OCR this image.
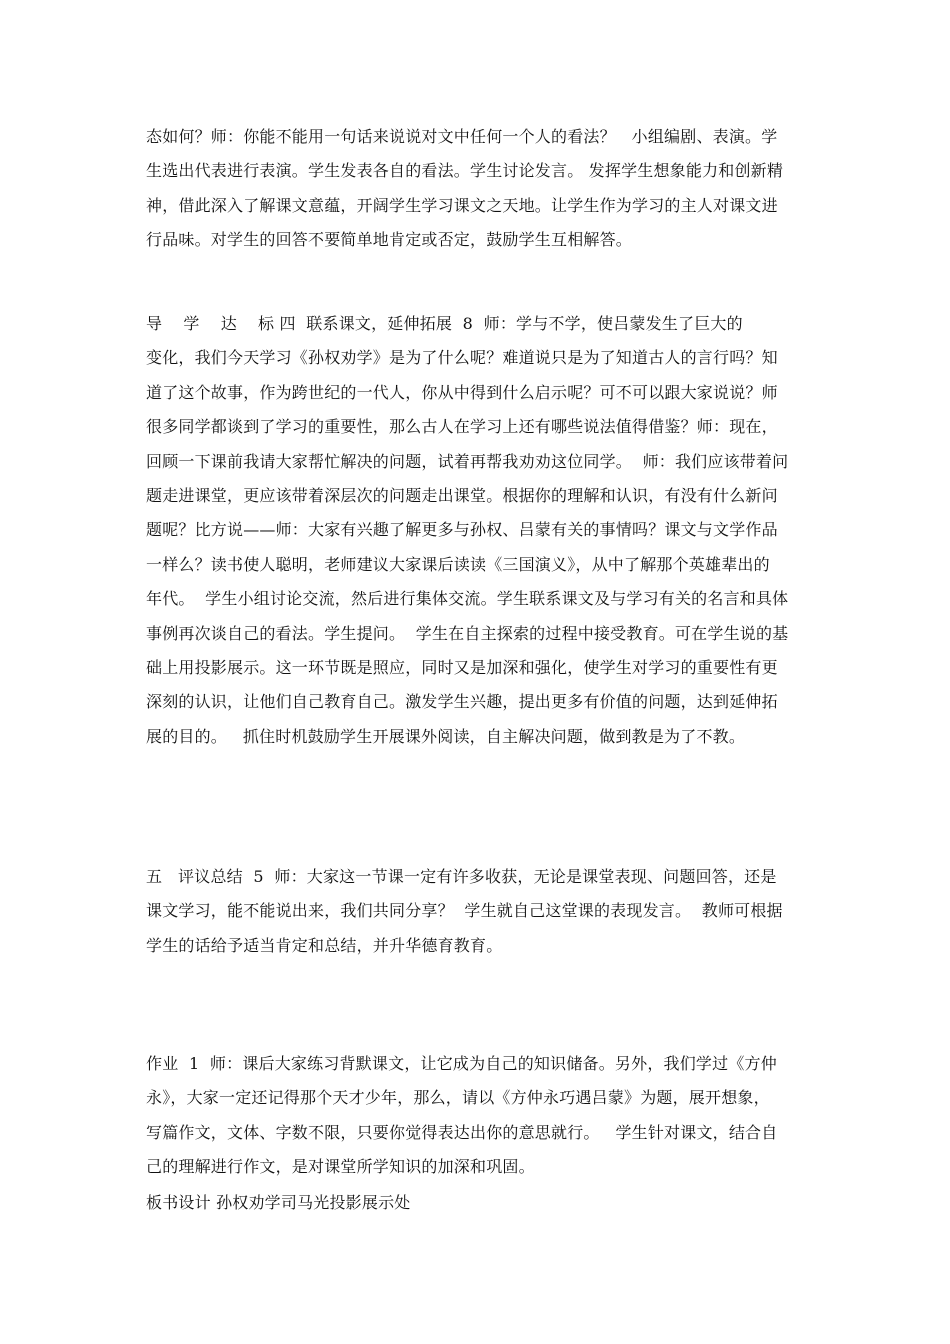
态如何？师：你能不能用一句话来说说对文中任何一个人的看法？   小组编剧、表演。学
生选出代表进行表演。学生发表各自的看法。学生讨论发言。 发挥学生想象能力和创新精
神，借此深入了解课文意蕴，开阔学生学习课文之天地。让学生作为学习的主人对课文进
行品味。对学生的回答不要简单地肯定或否定，鼓励学生互相解答。
导    学    达    标 四  联系课文，延伸拓展  8  师：学与不学，使吕蒙发生了巨大的
变化，我们今天学习《孙权劝学》是为了什么呢？难道说只是为了知道古人的言行吗？知
道了这个故事，作为跨世纪的一代人，你从中得到什么启示呢？可不可以跟大家说说？师
很多同学都谈到了学习的重要性，那么古人在学习上还有哪些说法值得借鉴？师：现在，
回顾一下课前我请大家帮忙解决的问题，试着再帮我劝劝这位同学。  师：我们应该带着问
题走进课堂，更应该带着深层次的问题走出课堂。根据你的理解和认识，有没有什么新问
题呢？比方说——师：大家有兴趣了解更多与孙权、吕蒙有关的事情吗？课文与文学作品
一样么？读书使人聪明，老师建议大家课后读读《三国演义》，从中了解那个英雄辈出的
年代。  学生小组讨论交流，然后进行集体交流。学生联系课文及与学习有关的名言和具体
事例再次谈自己的看法。学生提问。  学生在自主探索的过程中接受教育。可在学生说的基
础上用投影展示。这一环节既是照应，同时又是加深和强化，使学生对学习的重要性有更
深刻的认识，让他们自己教育自己。激发学生兴趣，提出更多有价值的问题，达到延伸拓
展的目的。   抓住时机鼓励学生开展课外阅读，自主解决问题，做到教是为了不教。
五   评议总结  5  师：大家这一节课一定有许多收获，无论是课堂表现、问题回答，还是
课文学习，能不能说出来，我们共同分享？  学生就自己这堂课的表现发言。  教师可根据
学生的话给予适当肯定和总结，并升华德育教育。
作业  1  师：课后大家练习背默课文，让它成为自己的知识储备。另外，我们学过《方仲
永》，大家一定还记得那个天才少年，那么，请以《方仲永巧遇吕蒙》为题，展开想象，
写篇作文，文体、字数不限，只要你觉得表达出你的意思就行。   学生针对课文，结合自
己的理解进行作文，是对课堂所学知识的加深和巩固。
板书设计 孙权劝学司马光投影展示处
